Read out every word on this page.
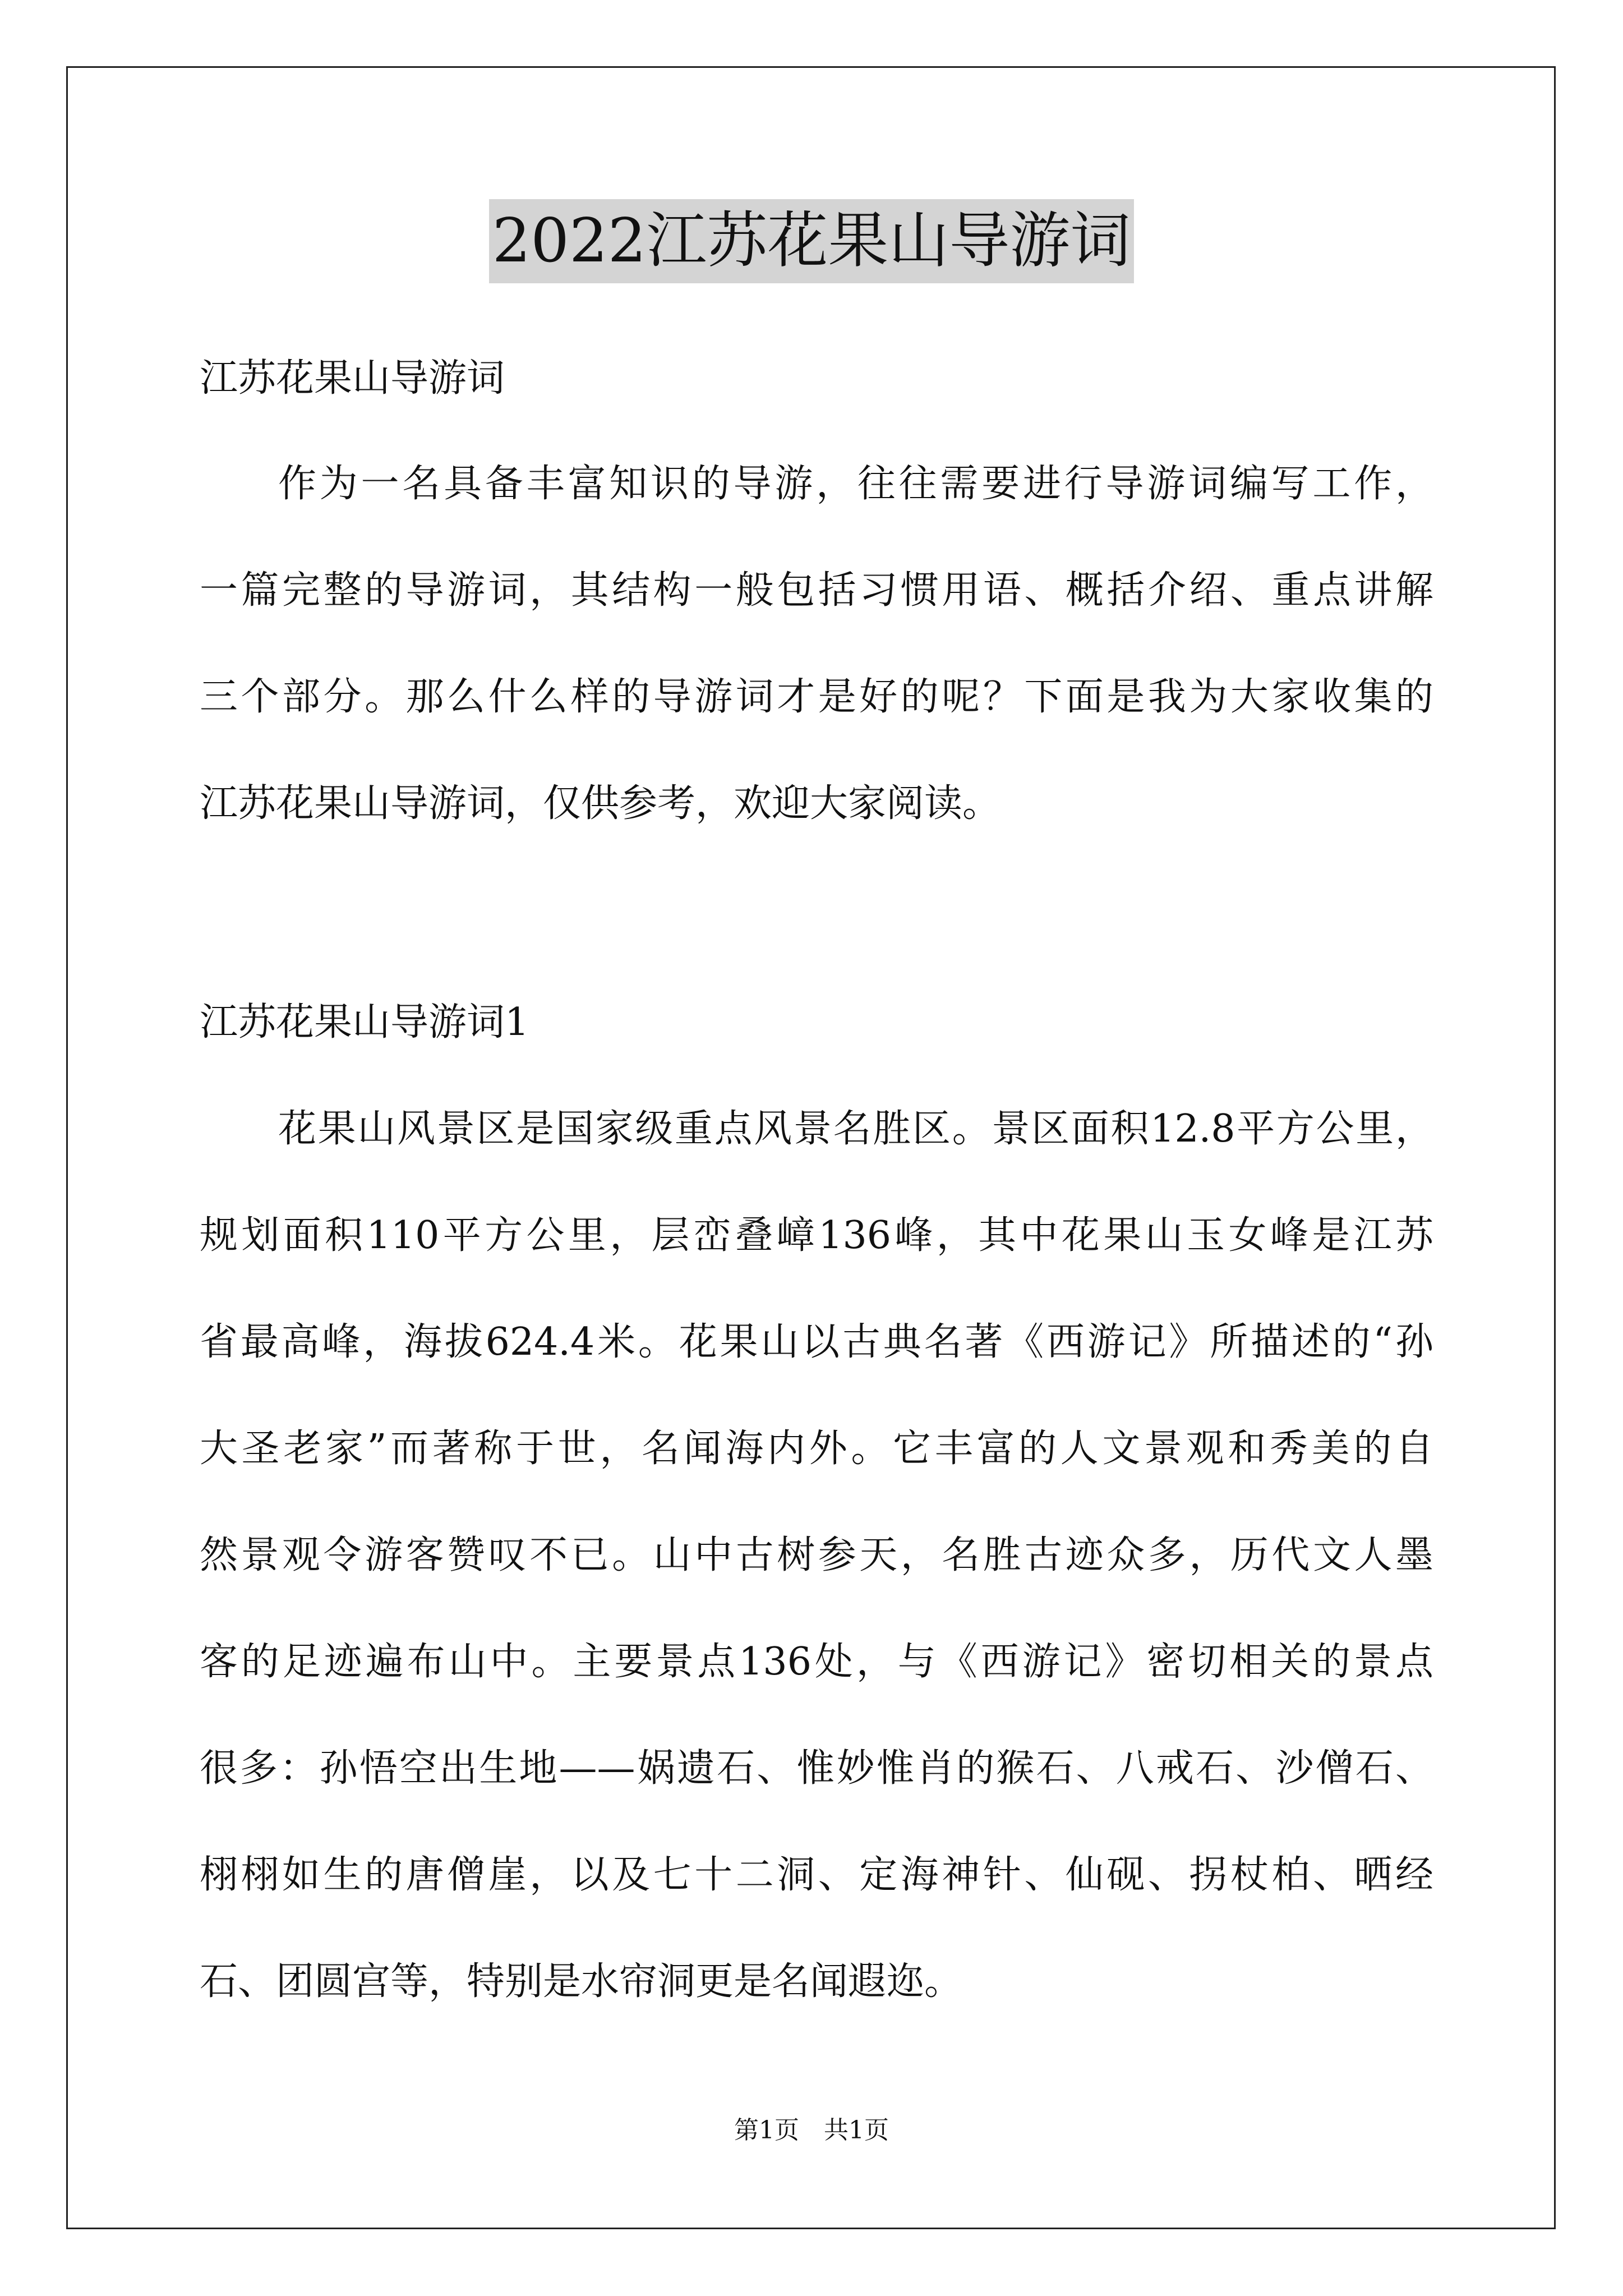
2022江苏花果山导游词
江苏花果山导游词
作为一名具备丰富知识的导游，往往需要进行导游词编写工作，
一篇完整的导游词，其结构一般包括习惯用语、概括介绍、重点讲解
三个部分。那么什么样的导游词才是好的呢？下面是我为大家收集的
江苏花果山导游词，仅供参考，欢迎大家阅读。
江苏花果山导游词1
花果山风景区是国家级重点风景名胜区。景区面积12.8平方公里，
规划面积110平方公里，层峦叠嶂136峰，其中花果山玉女峰是江苏
省最高峰，海拔624.4米。花果山以古典名著《西游记》所描述的“孙
大圣老家”而著称于世，名闻海内外。它丰富的人文景观和秀美的自
然景观令游客赞叹不已。山中古树参天，名胜古迹众多，历代文人墨
客的足迹遍布山中。主要景点136处，与《西游记》密切相关的景点
很多：孙悟空出生地——娲遗石、惟妙惟肖的猴石、八戒石、沙僧石、
栩栩如生的唐僧崖，以及七十二洞、定海神针、仙砚、拐杖柏、晒经
石、团圆宫等，特别是水帘洞更是名闻遐迩。
第1页　共1页
